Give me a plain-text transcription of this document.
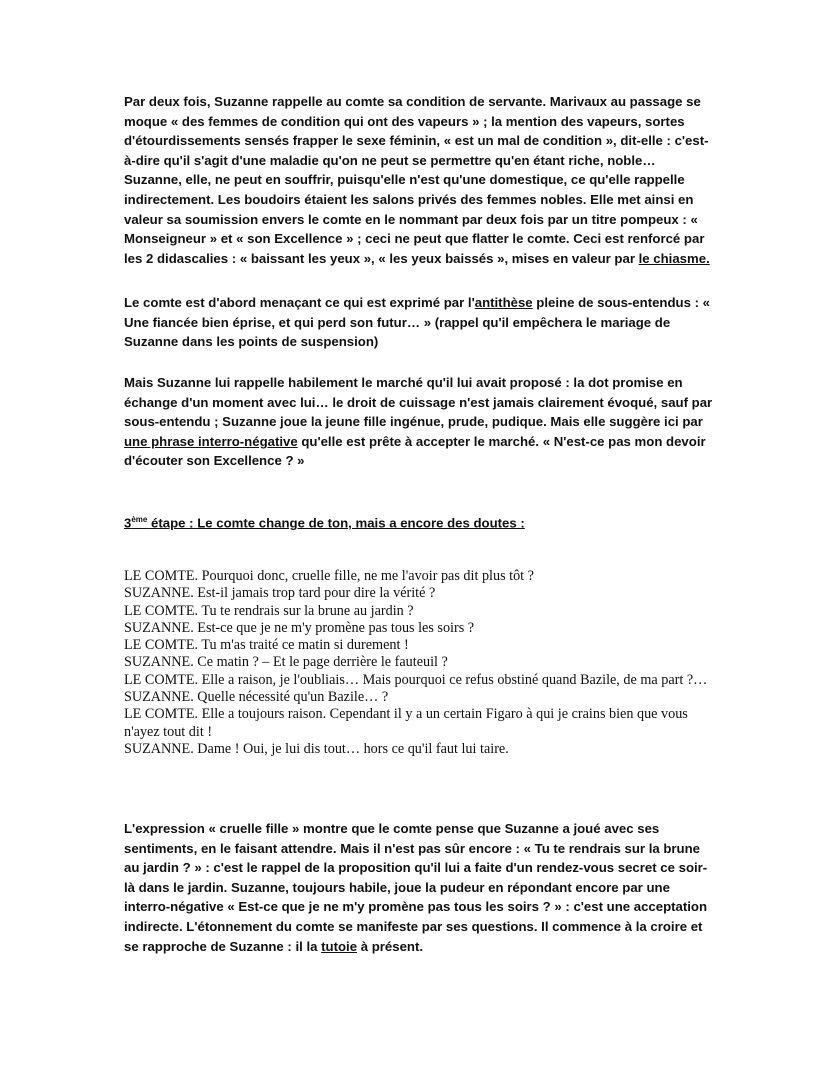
Par deux fois, Suzanne rappelle au comte sa condition de servante. Marivaux au passage se moque « des femmes de condition qui ont des vapeurs » ; la mention des vapeurs, sortes d'étourdissements sensés frapper le sexe féminin, « est un mal de condition », dit-elle : c'est-à-dire qu'il s'agit d'une maladie qu'on ne peut se permettre qu'en étant riche, noble… Suzanne, elle, ne peut en souffrir, puisqu'elle n'est qu'une domestique, ce qu'elle rappelle indirectement. Les boudoirs étaient les salons privés des femmes nobles. Elle met ainsi en valeur sa soumission envers le comte en le nommant par deux fois par un titre pompeux : « Monseigneur » et « son Excellence » ; ceci ne peut que flatter le comte. Ceci est renforcé par les 2 didascalies : « baissant les yeux », « les yeux baissés », mises en valeur par le chiasme.

Le comte est d'abord menaçant ce qui est exprimé par l'antithèse pleine de sous-entendus : « Une fiancée bien éprise, et qui perd son futur… » (rappel qu'il empêchera le mariage de Suzanne dans les points de suspension)

Mais Suzanne lui rappelle habilement le marché qu'il lui avait proposé : la dot promise en échange d'un moment avec lui… le droit de cuissage n'est jamais clairement évoqué, sauf par sous-entendu ; Suzanne joue la jeune fille ingénue, prude, pudique. Mais elle suggère ici par une phrase interro-négative qu'elle est prête à accepter le marché. « N'est-ce pas mon devoir d'écouter son Excellence ? »

3ème étape : Le comte change de ton, mais a encore des doutes :

LE COMTE. Pourquoi donc, cruelle fille, ne me l'avoir pas dit plus tôt ?
SUZANNE. Est-il jamais trop tard pour dire la vérité ?
LE COMTE. Tu te rendrais sur la brune au jardin ?
SUZANNE. Est-ce que je ne m'y promène pas tous les soirs ?
LE COMTE. Tu m'as traité ce matin si durement !
SUZANNE. Ce matin ? – Et le page derrière le fauteuil ?
LE COMTE. Elle a raison, je l'oubliais… Mais pourquoi ce refus obstiné quand Bazile, de ma part ?…
SUZANNE. Quelle nécessité qu'un Bazile… ?
LE COMTE. Elle a toujours raison. Cependant il y a un certain Figaro à qui je crains bien que vous n'ayez tout dit !
SUZANNE. Dame ! Oui, je lui dis tout… hors ce qu'il faut lui taire.

L'expression « cruelle fille » montre que le comte pense que Suzanne a joué avec ses sentiments, en le faisant attendre. Mais il n'est pas sûr encore : « Tu te rendrais sur la brune au jardin ? » : c'est le rappel de la proposition qu'il lui a faite d'un rendez-vous secret ce soir-là dans le jardin. Suzanne, toujours habile, joue la pudeur en répondant encore par une interro-négative « Est-ce que je ne m'y promène pas tous les soirs ? » : c'est une acceptation indirecte. L'étonnement du comte se manifeste par ses questions. Il commence à la croire et se rapproche de Suzanne : il la tutoie à présent.
